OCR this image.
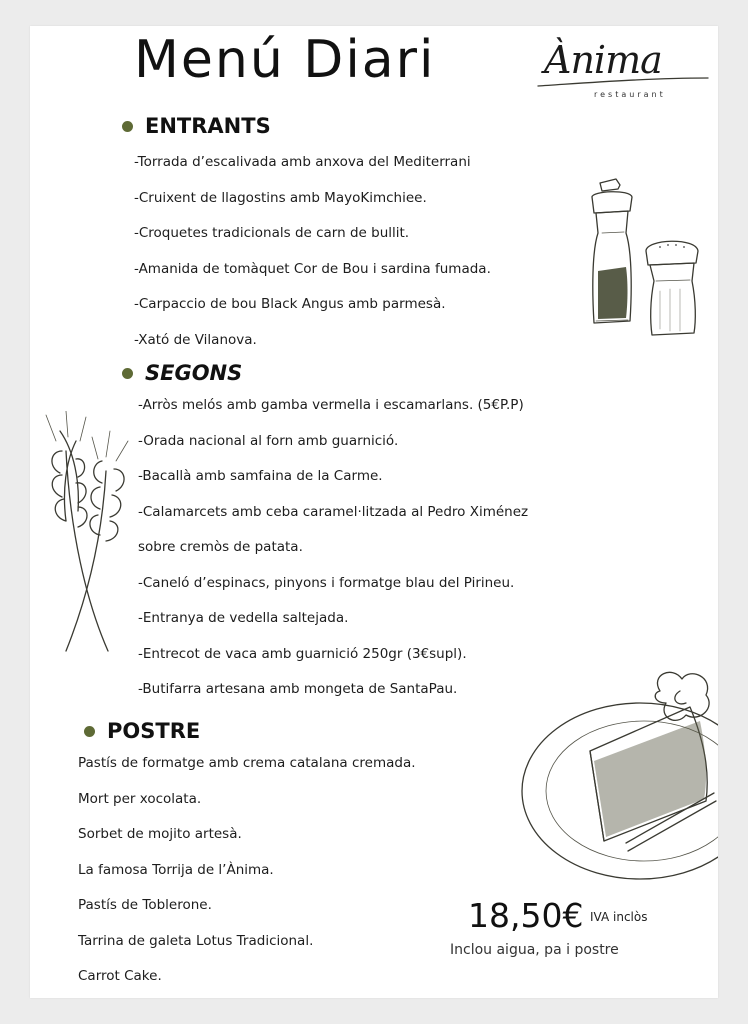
Menú Diari	Ànima
restaurant
ENTRANTS
-Torrada d’escalivada amb anxova del Mediterrani
-Cruixent de llagostins amb MayoKimchiee.
-Croquetes tradicionals de carn de bullit.
-Amanida de tomàquet Cor de Bou i sardina fumada.
-Carpaccio de bou Black Angus amb parmesà.
-Xató de Vilanova.
SEGONS
-Arròs melós amb gamba vermella i escamarlans. (5€P.P)
-Orada nacional al forn amb guarnició.
-Bacallà amb samfaina de la Carme.
-Calamarcets amb ceba caramel·litzada al Pedro Ximénez
sobre cremòs de patata.
-Caneló d’espinacs, pinyons i formatge blau del Pirineu.
-Entranya de vedella saltejada.
-Entrecot de vaca amb guarnició 250gr (3€supl).
-Butifarra artesana amb mongeta de SantaPau.
POSTRE
Pastís de formatge amb crema catalana cremada.
Mort per xocolata.
Sorbet de mojito artesà.
La famosa Torrija de l’Ànima.
Pastís de Toblerone.
Tarrina de galeta Lotus Tradicional.
Carrot Cake.
18,50€ IVA inclòs
Inclou aigua, pa i postre
